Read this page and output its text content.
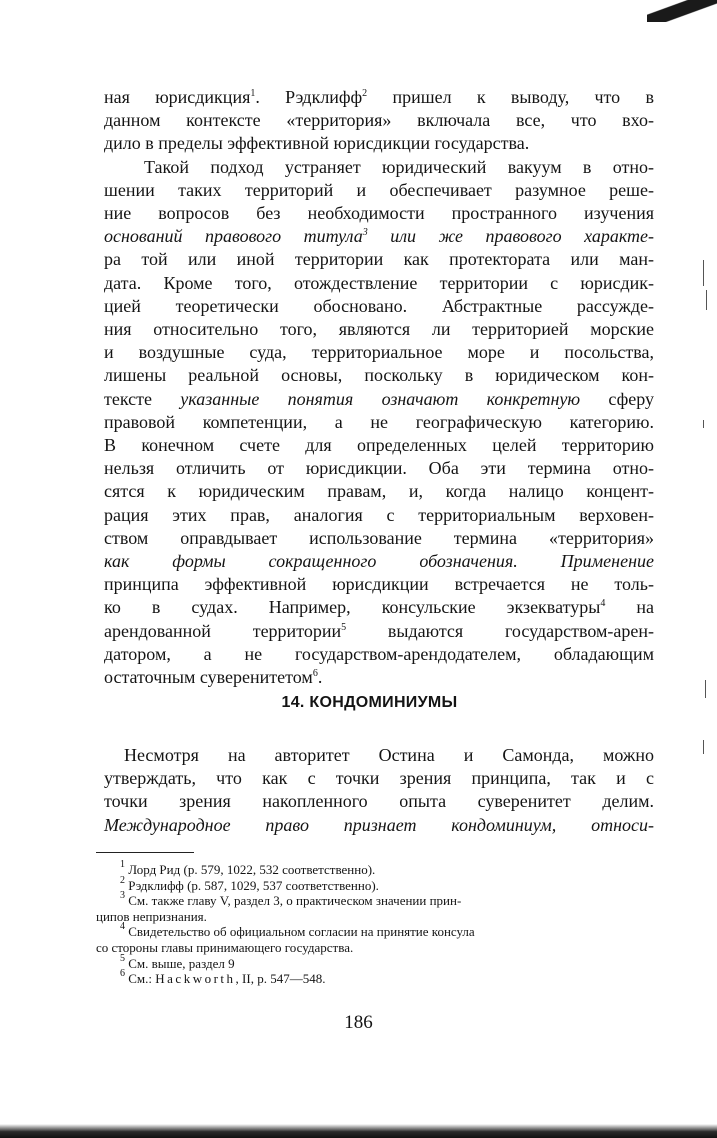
ная юрисдикция$^1$. Рэдклифф$^2$ пришел к выводу, что в
данном контексте «территория» включала все, что вхо-
дило в пределы эффективной юрисдикции государства.

Такой подход устраняет юридический вакуум в отно-
шении таких территорий и обеспечивает разумное реше-
ние вопросов без необходимости пространного изучения
оснований правового титула$^3$ или же правового характе-
ра той или иной территории как протектората или ман-
дата. Кроме того, отождествление территории с юрисдик-
цией теоретически обосновано. Абстрактные рассужде-
ния относительно того, являются ли территорией морские
и воздушные суда, территориальное море и посольства,
лишены реальной основы, поскольку в юридическом кон-
тексте указанные понятия означают конкретную сферу
правовой компетенции, а не географическую категорию.
В конечном счете для определенных целей территорию
нельзя отличить от юрисдикции. Оба эти термина отно-
сятся к юридическим правам, и, когда налицо концент-
рация этих прав, аналогия с территориальным верховен-
ством оправдывает использование термина «территория»
как формы сокращенного обозначения. Применение
принципа эффективной юрисдикции встречается не толь-
ко в судах. Например, консульские экзекватуры$^4$ на
арендованной территории$^5$ выдаются государством-арен-
датором, а не государством-арендодателем, обладающим
остаточным суверенитетом$^6$.

14. КОНДОМИНИУМЫ

Несмотря на авторитет Остина и Самонда, можно
утверждать, что как с точки зрения принципа, так и с
точки зрения накопленного опыта суверенитет делим.
Международное право признает кондоминиум, относи-

$^1$ Лорд Рид (p. 579, 1022, 532 соответственно).

$^2$ Рэдклифф (p. 587, 1029, 537 соответственно).

$^3$ См. также главу V, раздел 3, о практическом значении прин-
ципов непризнания.

$^4$ Свидетельство об официальном согласии на принятие консула
со стороны главы принимающего государства.

$^5$ См. выше, раздел 9

$^6$ См.: Hackworth, II, p. 547—548.

186
